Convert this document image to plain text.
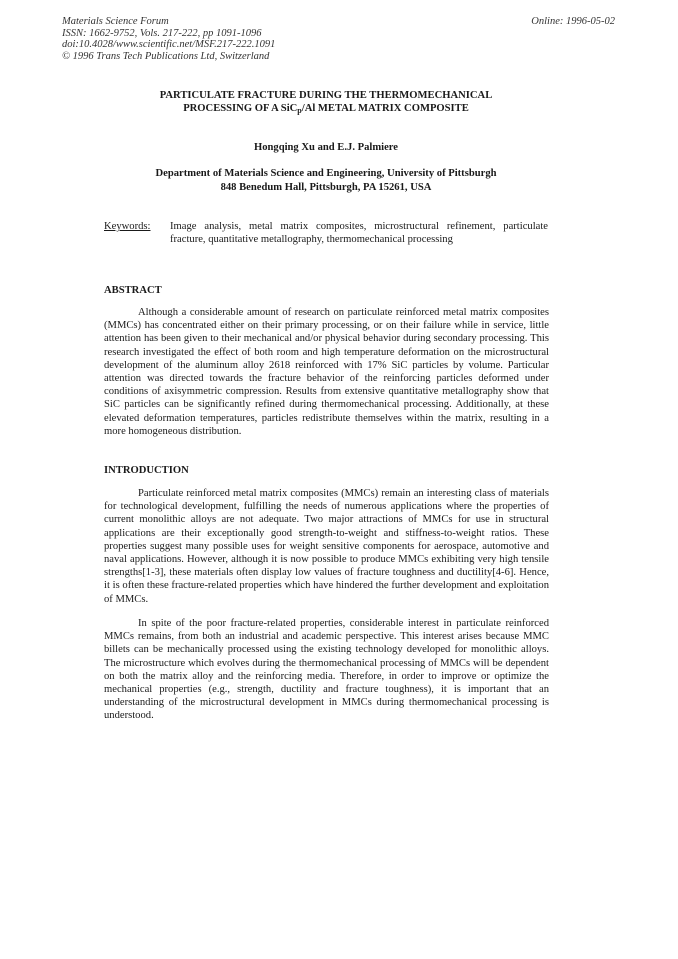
Materials Science Forum
ISSN: 1662-9752, Vols. 217-222, pp 1091-1096
doi:10.4028/www.scientific.net/MSF.217-222.1091
© 1996 Trans Tech Publications Ltd, Switzerland
Online: 1996-05-02
PARTICULATE FRACTURE DURING THE THERMOMECHANICAL
PROCESSING OF A SiCp/Al METAL MATRIX COMPOSITE
Hongqing Xu and E.J. Palmiere
Department of Materials Science and Engineering, University of Pittsburgh
848 Benedum Hall, Pittsburgh, PA 15261, USA
Keywords: Image analysis, metal matrix composites, microstructural refinement, particulate fracture, quantitative metallography, thermomechanical processing
ABSTRACT
Although a considerable amount of research on particulate reinforced metal matrix composites (MMCs) has concentrated either on their primary processing, or on their failure while in service, little attention has been given to their mechanical and/or physical behavior during secondary processing. This research investigated the effect of both room and high temperature deformation on the microstructural development of the aluminum alloy 2618 reinforced with 17% SiC particles by volume. Particular attention was directed towards the fracture behavior of the reinforcing particles deformed under conditions of axisymmetric compression. Results from extensive quantitative metallography show that SiC particles can be significantly refined during thermomechanical processing. Additionally, at these elevated deformation temperatures, particles redistribute themselves within the matrix, resulting in a more homogeneous distribution.
INTRODUCTION
Particulate reinforced metal matrix composites (MMCs) remain an interesting class of materials for technological development, fulfilling the needs of numerous applications where the properties of current monolithic alloys are not adequate. Two major attractions of MMCs for use in structural applications are their exceptionally good strength-to-weight and stiffness-to-weight ratios. These properties suggest many possible uses for weight sensitive components for aerospace, automotive and naval applications. However, although it is now possible to produce MMCs exhibiting very high tensile strengths[1-3], these materials often display low values of fracture toughness and ductility[4-6]. Hence, it is often these fracture-related properties which have hindered the further development and exploitation of MMCs.
In spite of the poor fracture-related properties, considerable interest in particulate reinforced MMCs remains, from both an industrial and academic perspective. This interest arises because MMC billets can be mechanically processed using the existing technology developed for monolithic alloys. The microstructure which evolves during the thermomechanical processing of MMCs will be dependent on both the matrix alloy and the reinforcing media. Therefore, in order to improve or optimize the mechanical properties (e.g., strength, ductility and fracture toughness), it is important that an understanding of the microstructural development in MMCs during thermomechanical processing is understood.
